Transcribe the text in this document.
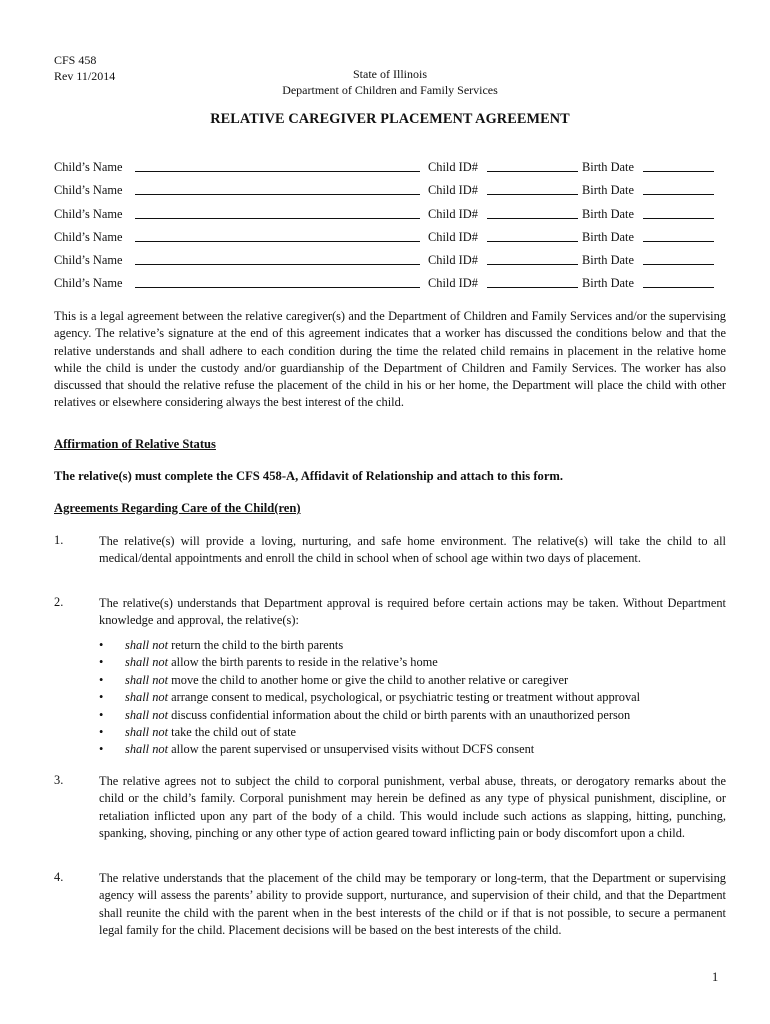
CFS 458
Rev 11/2014	State of Illinois
Department of Children and Family Services
RELATIVE CAREGIVER PLACEMENT AGREEMENT
Child’s Name	Child ID#	Birth Date
Child’s Name	Child ID#	Birth Date
Child’s Name	Child ID#	Birth Date
Child’s Name	Child ID#	Birth Date
Child’s Name	Child ID#	Birth Date
Child’s Name	Child ID#	Birth Date
This is a legal agreement between the relative caregiver(s) and the Department of Children and Family Services and/or the supervising agency. The relative’s signature at the end of this agreement indicates that a worker has discussed the conditions below and that the relative understands and shall adhere to each condition during the time the related child remains in placement in the relative home while the child is under the custody and/or guardianship of the Department of Children and Family Services. The worker has also discussed that should the relative refuse the placement of the child in his or her home, the Department will place the child with other relatives or elsewhere considering always the best interest of the child.
Affirmation of Relative Status
The relative(s) must complete the CFS 458-A, Affidavit of Relationship and attach to this form.
Agreements Regarding Care of the Child(ren)
1.	The relative(s) will provide a loving, nurturing, and safe home environment. The relative(s) will take the child to all medical/dental appointments and enroll the child in school when of school age within two days of placement.
2.	The relative(s) understands that Department approval is required before certain actions may be taken. Without Department knowledge and approval, the relative(s):
• shall not return the child to the birth parents
• shall not allow the birth parents to reside in the relative’s home
• shall not move the child to another home or give the child to another relative or caregiver
• shall not arrange consent to medical, psychological, or psychiatric testing or treatment without approval
• shall not discuss confidential information about the child or birth parents with an unauthorized person
• shall not take the child out of state
• shall not allow the parent supervised or unsupervised visits without DCFS consent
3.	The relative agrees not to subject the child to corporal punishment, verbal abuse, threats, or derogatory remarks about the child or the child’s family. Corporal punishment may herein be defined as any type of physical punishment, discipline, or retaliation inflicted upon any part of the body of a child. This would include such actions as slapping, hitting, punching, spanking, shoving, pinching or any other type of action geared toward inflicting pain or body discomfort upon a child.
4.	The relative understands that the placement of the child may be temporary or long-term, that the Department or supervising agency will assess the parents’ ability to provide support, nurturance, and supervision of their child, and that the Department shall reunite the child with the parent when in the best interests of the child or if that is not possible, to secure a permanent legal family for the child. Placement decisions will be based on the best interests of the child.
1
